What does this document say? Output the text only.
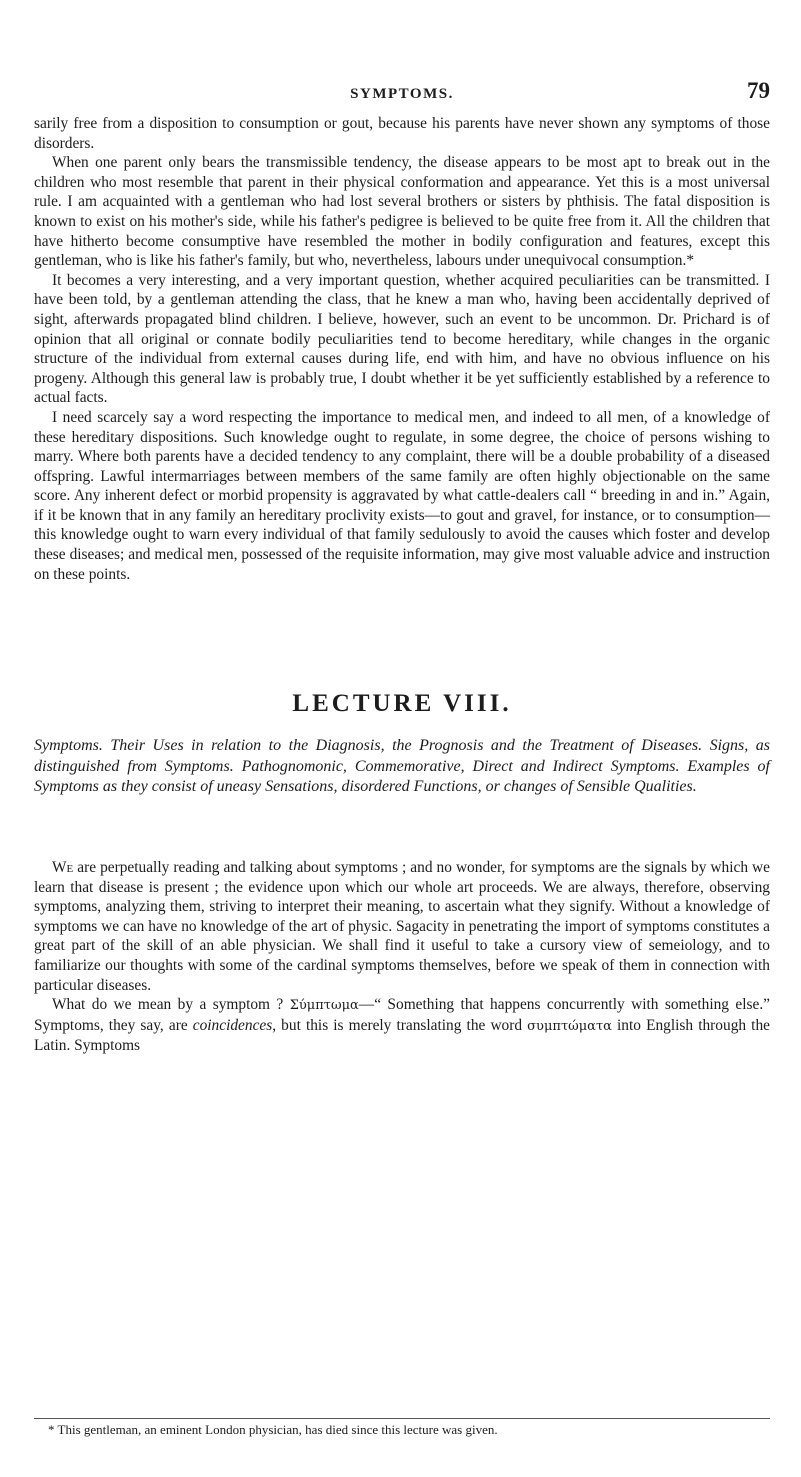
SYMPTOMS.	79

sarily free from a disposition to consumption or gout, because his parents have never shown any symptoms of those disorders.

When one parent only bears the transmissible tendency, the disease appears to be most apt to break out in the children who most resemble that parent in their physical conformation and appearance. Yet this is a most universal rule. I am acquainted with a gentleman who had lost several brothers or sisters by phthisis. The fatal disposition is known to exist on his mother's side, while his father's pedigree is believed to be quite free from it. All the children that have hitherto become consumptive have resembled the mother in bodily configuration and features, except this gentleman, who is like his father's family, but who, nevertheless, labours under unequivocal consumption.*

It becomes a very interesting, and a very important question, whether acquired peculiarities can be transmitted. I have been told, by a gentleman attending the class, that he knew a man who, having been accidentally deprived of sight, afterwards propagated blind children. I believe, however, such an event to be uncommon. Dr. Prichard is of opinion that all original or connate bodily peculiarities tend to become hereditary, while changes in the organic structure of the individual from external causes during life, end with him, and have no obvious influence on his progeny. Although this general law is probably true, I doubt whether it be yet sufficiently established by a reference to actual facts.

I need scarcely say a word respecting the importance to medical men, and indeed to all men, of a knowledge of these hereditary dispositions. Such knowledge ought to regulate, in some degree, the choice of persons wishing to marry. Where both parents have a decided tendency to any complaint, there will be a double probability of a diseased offspring. Lawful intermarriages between members of the same family are often highly objectionable on the same score. Any inherent defect or morbid propensity is aggravated by what cattle-dealers call “ breeding in and in.” Again, if it be known that in any family an hereditary proclivity exists—to gout and gravel, for instance, or to consumption—this knowledge ought to warn every individual of that family sedulously to avoid the causes which foster and develop these diseases; and medical men, possessed of the requisite information, may give most valuable advice and instruction on these points.

LECTURE VIII.
Symptoms. Their Uses in relation to the Diagnosis, the Prognosis and the Treatment of Diseases. Signs, as distinguished from Symptoms. Pathognomonic, Commemorative, Direct and Indirect Symptoms. Examples of Symptoms as they consist of uneasy Sensations, disordered Functions, or changes of Sensible Qualities.

We are perpetually reading and talking about symptoms ; and no wonder, for symptoms are the signals by which we learn that disease is present ; the evidence upon which our whole art proceeds. We are always, therefore, observing symptoms, analyzing them, striving to interpret their meaning, to ascertain what they signify. Without a knowledge of symptoms we can have no knowledge of the art of physic. Sagacity in penetrating the import of symptoms constitutes a great part of the skill of an able physician. We shall find it useful to take a cursory view of semeiology, and to familiarize our thoughts with some of the cardinal symptoms themselves, before we speak of them in connection with particular diseases.

What do we mean by a symptom ? Σύμπτωμα—“ Something that happens concurrently with something else.” Symptoms, they say, are coincidences, but this is merely translating the word συμπτώματα into English through the Latin. Symptoms

* This gentleman, an eminent London physician, has died since this lecture was given.
